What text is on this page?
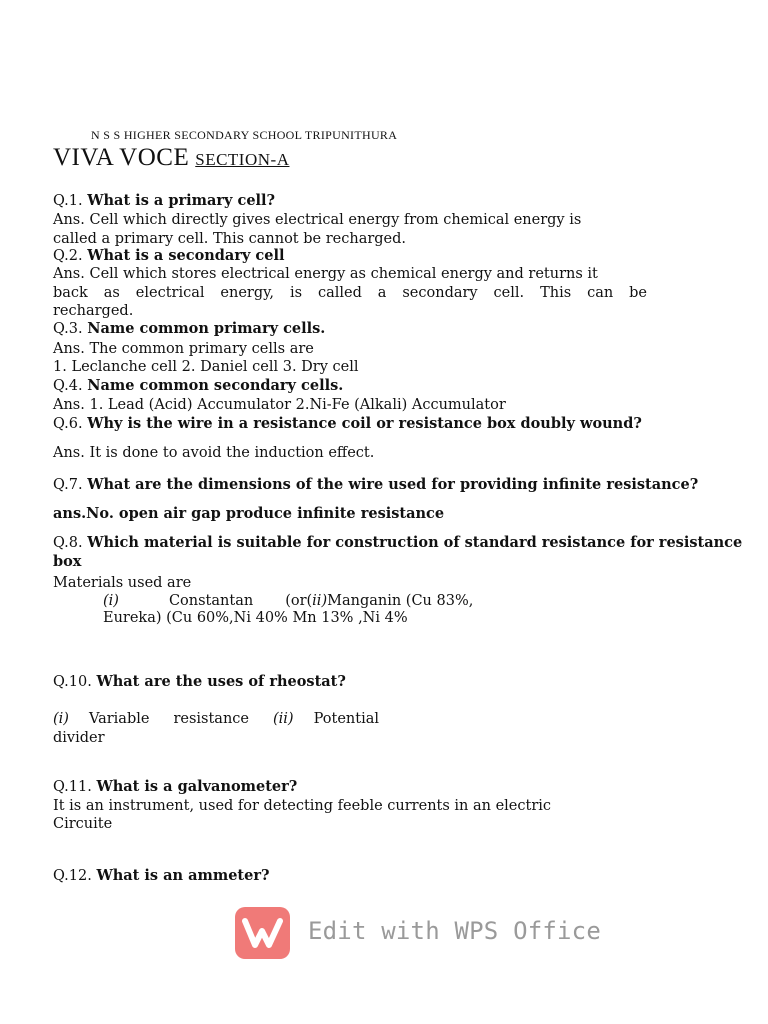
N S S HIGHER SECONDARY SCHOOL TRIPUNITHURA
VIVA VOCE SECTION-A
Q.1. What is a primary cell?
Ans. Cell which directly gives electrical energy from chemical energy is
called a primary cell. This cannot be recharged.
Q.2. What is a secondary cell
Ans. Cell which stores electrical energy as chemical energy and returns it
back as electrical energy, is called a secondary cell. This can be
recharged.
Q.3. Name common primary cells.
Ans. The common primary cells are
1. Leclanche cell 2. Daniel cell 3. Dry cell
Q.4. Name common secondary cells.
Ans. 1. Lead (Acid) Accumulator 2.Ni-Fe (Alkali) Accumulator
Q.6. Why is the wire in a resistance coil or resistance box doubly wound?
Ans. It is done to avoid the induction effect.
Q.7. What are the dimensions of the wire used for providing infinite resistance?
ans.No. open air gap produce infinite resistance
Q.8. Which material is suitable for construction of standard resistance for resistance
box
Materials used are
(i)	Constantan (or(ii)Manganin (Cu 83%,
Eureka) (Cu 60%,Ni 40% Mn 13% ,Ni 4%
Q.10. What are the uses of rheostat?
(i) Variable resistance (ii) Potential
divider
Q.11. What is a galvanometer?
It is an instrument, used for detecting feeble currents in an electric
Circuite
Q.12. What is an ammeter?
Edit with WPS Office
